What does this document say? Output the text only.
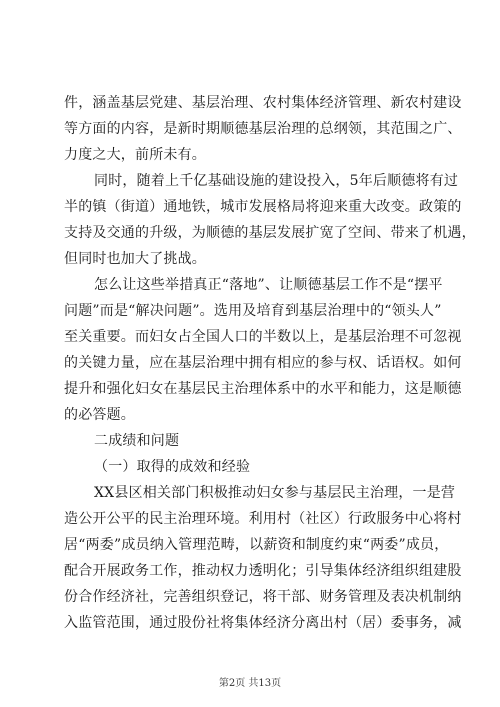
件，涵盖基层党建、基层治理、农村集体经济管理、新农村建设
等方面的内容，是新时期顺德基层治理的总纲领，其范围之广、
力度之大，前所未有。
同时，随着上千亿基础设施的建设投入，5年后顺德将有过
半的镇（街道）通地铁，城市发展格局将迎来重大改变。政策的
支持及交通的升级，为顺德的基层发展扩宽了空间、带来了机遇，
但同时也加大了挑战。
怎么让这些举措真正“落地”、让顺德基层工作不是“摆平
问题”而是“解决问题”。选用及培育到基层治理中的“领头人”
至关重要。而妇女占全国人口的半数以上，是基层治理不可忽视
的关键力量，应在基层治理中拥有相应的参与权、话语权。如何
提升和强化妇女在基层民主治理体系中的水平和能力，这是顺德
的必答题。
二成绩和问题
（一）取得的成效和经验
XX县区相关部门积极推动妇女参与基层民主治理，一是营
造公开公平的民主治理环境。利用村（社区）行政服务中心将村
居“两委”成员纳入管理范畴，以薪资和制度约束“两委”成员，
配合开展政务工作，推动权力透明化；引导集体经济组织组建股
份合作经济社，完善组织登记，将干部、财务管理及表决机制纳
入监管范围，通过股份社将集体经济分离出村（居）委事务，减
第2页 共13页
